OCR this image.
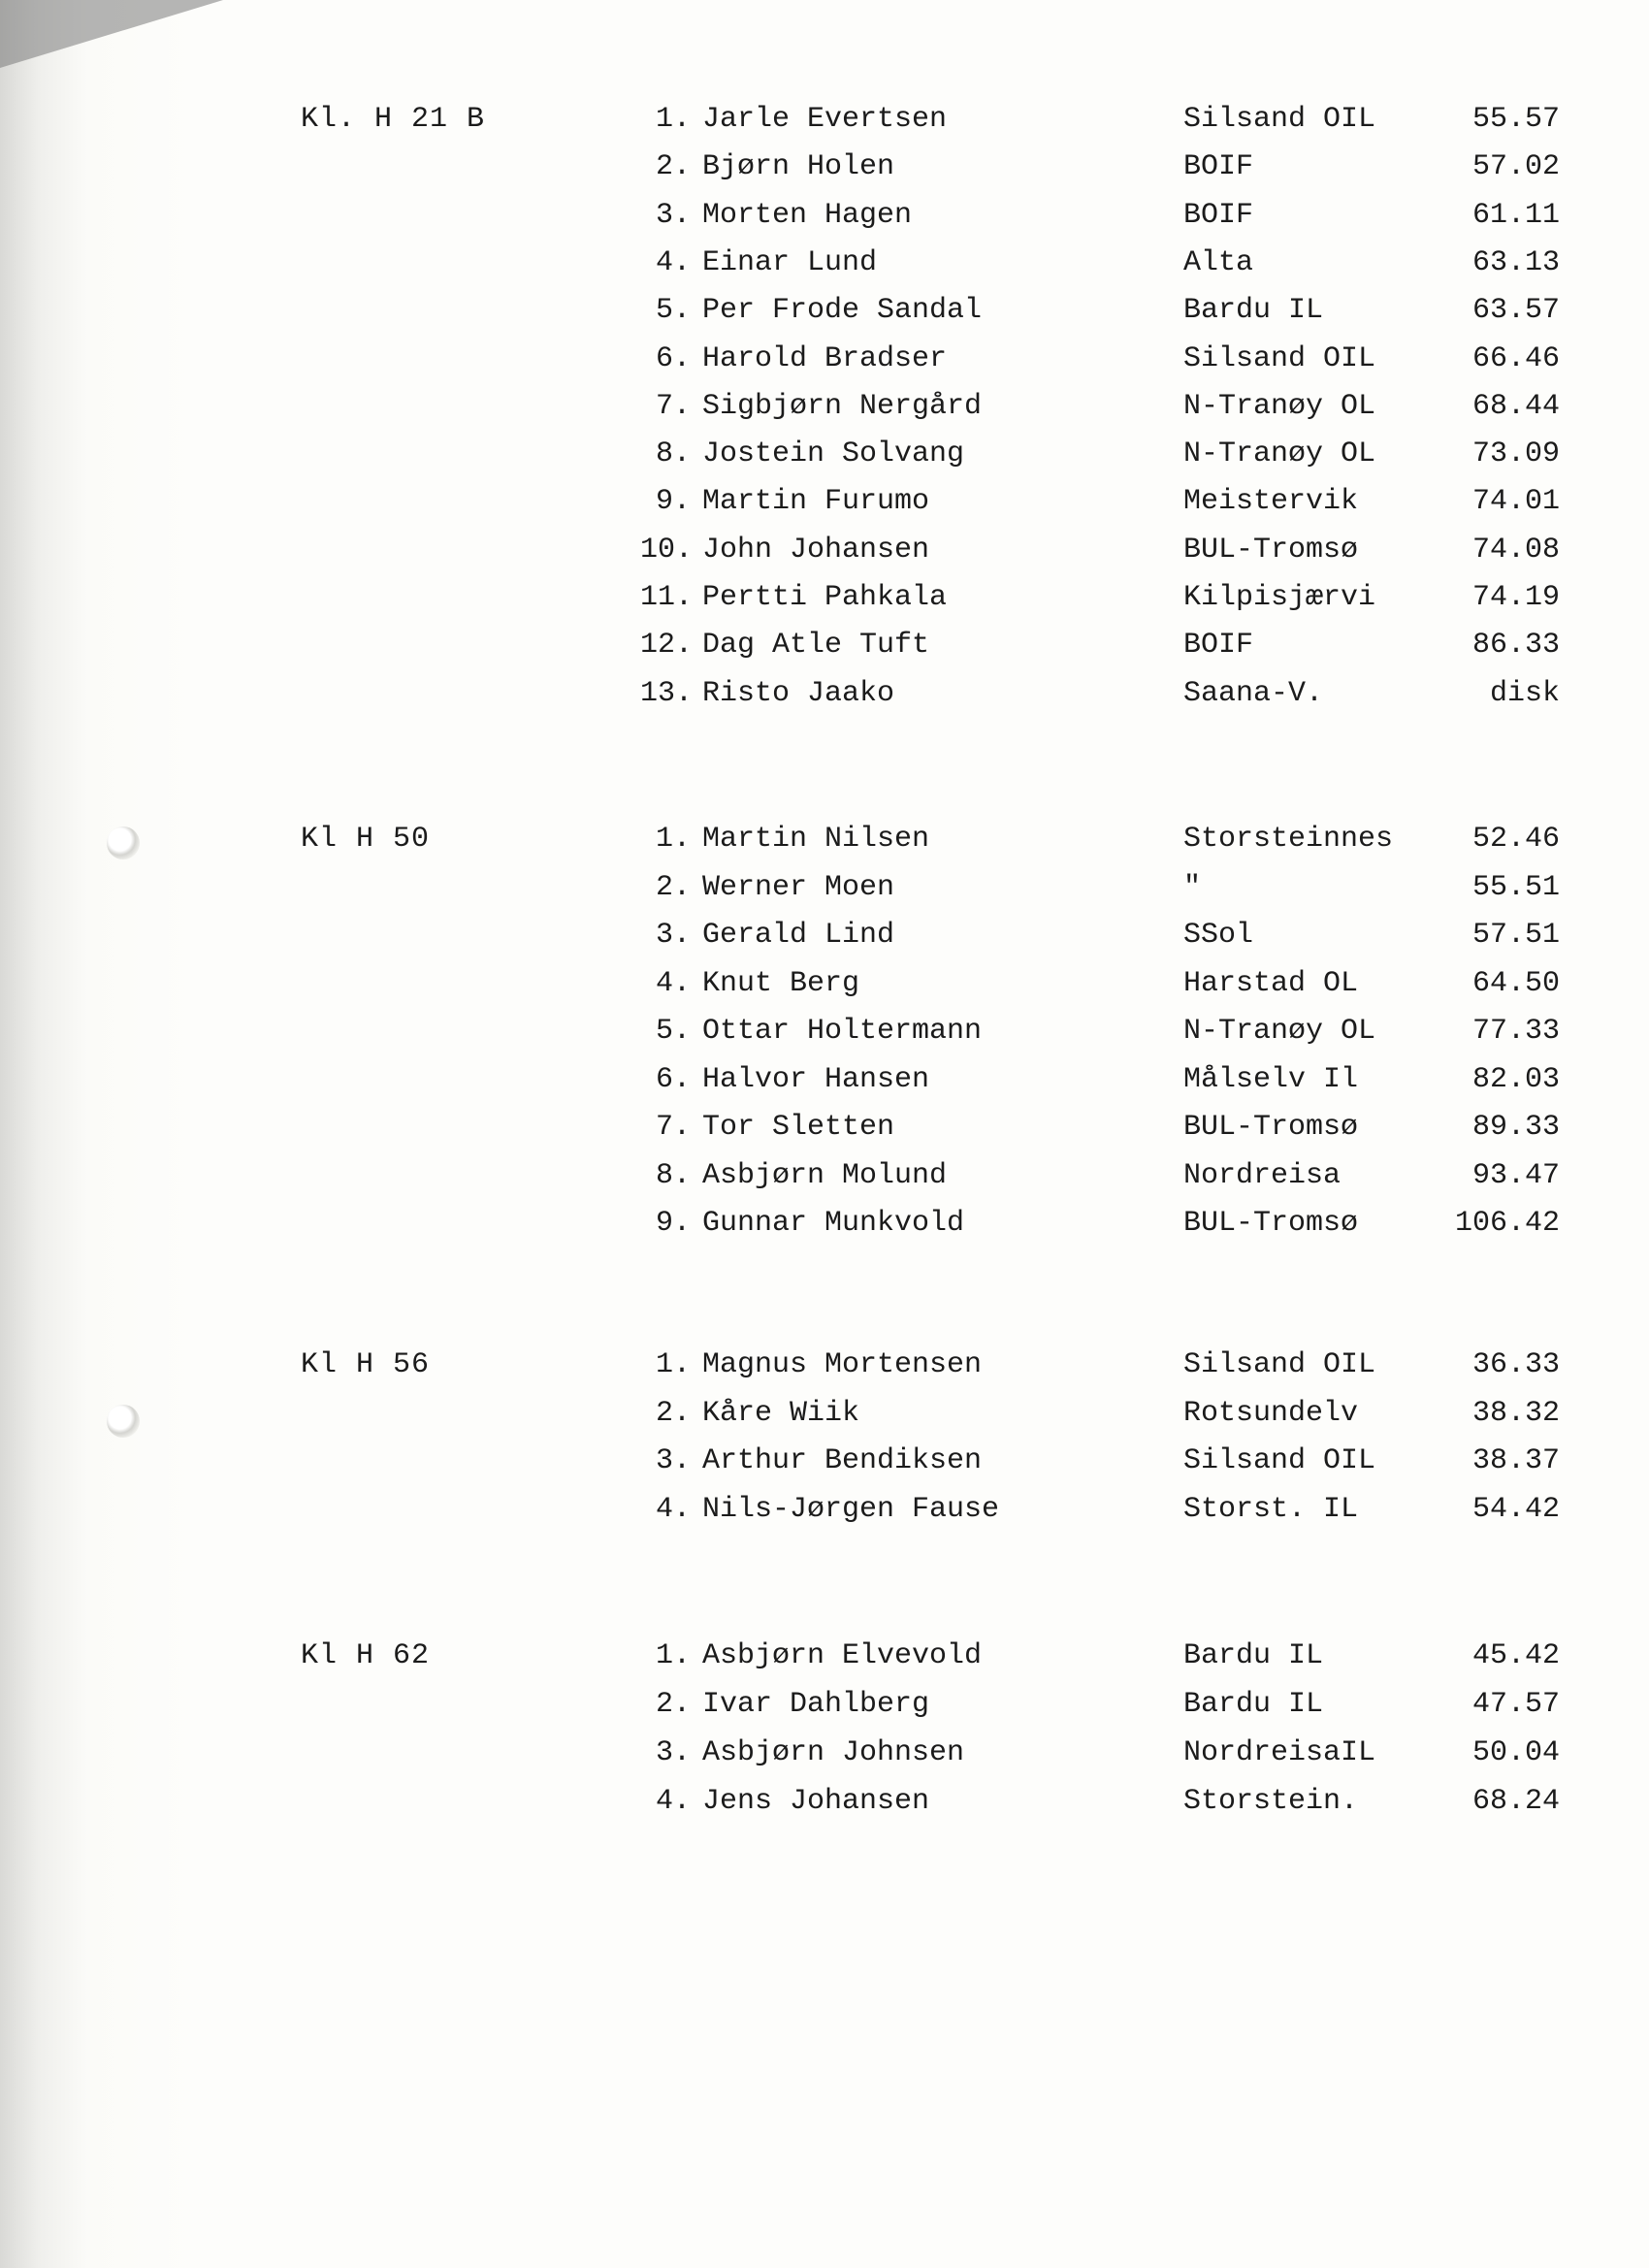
Kl. H 21 B	1. Jarle Evertsen	Silsand OIL	55.57
2. Bjørn Holen	BOIF	57.02
3. Morten Hagen	BOIF	61.11
4. Einar Lund	Alta	63.13
5. Per Frode Sandal	Bardu IL	63.57
6. Harold Bradser	Silsand OIL	66.46
7. Sigbjørn Nergård	N-Tranøy OL	68.44
8. Jostein Solvang	N-Tranøy OL	73.09
9. Martin Furumo	Meistervik	74.01
10. John Johansen	BUL-Tromsø	74.08
11. Pertti Pahkala	Kilpisjærvi	74.19
12. Dag Atle Tuft	BOIF	86.33
13. Risto Jaako	Saana-V.	disk
Kl H 50	1. Martin Nilsen	Storsteinnes	52.46
2. Werner Moen	"	55.51
3. Gerald Lind	SSol	57.51
4. Knut Berg	Harstad OL	64.50
5. Ottar Holtermann	N-Tranøy OL	77.33
6. Halvor Hansen	Målselv Il	82.03
7. Tor Sletten	BUL-Tromsø	89.33
8. Asbjørn Molund	Nordreisa	93.47
9. Gunnar Munkvold	BUL-Tromsø	106.42
Kl H 56	1. Magnus Mortensen	Silsand OIL	36.33
2. Kåre Wiik	Rotsundelv	38.32
3. Arthur Bendiksen	Silsand OIL	38.37
4. Nils-Jørgen Fause	Storst. IL	54.42
Kl H 62	1. Asbjørn Elvevold	Bardu IL	45.42
2. Ivar Dahlberg	Bardu IL	47.57
3. Asbjørn Johnsen	NordreisaIL	50.04
4. Jens Johansen	Storstein.	68.24
